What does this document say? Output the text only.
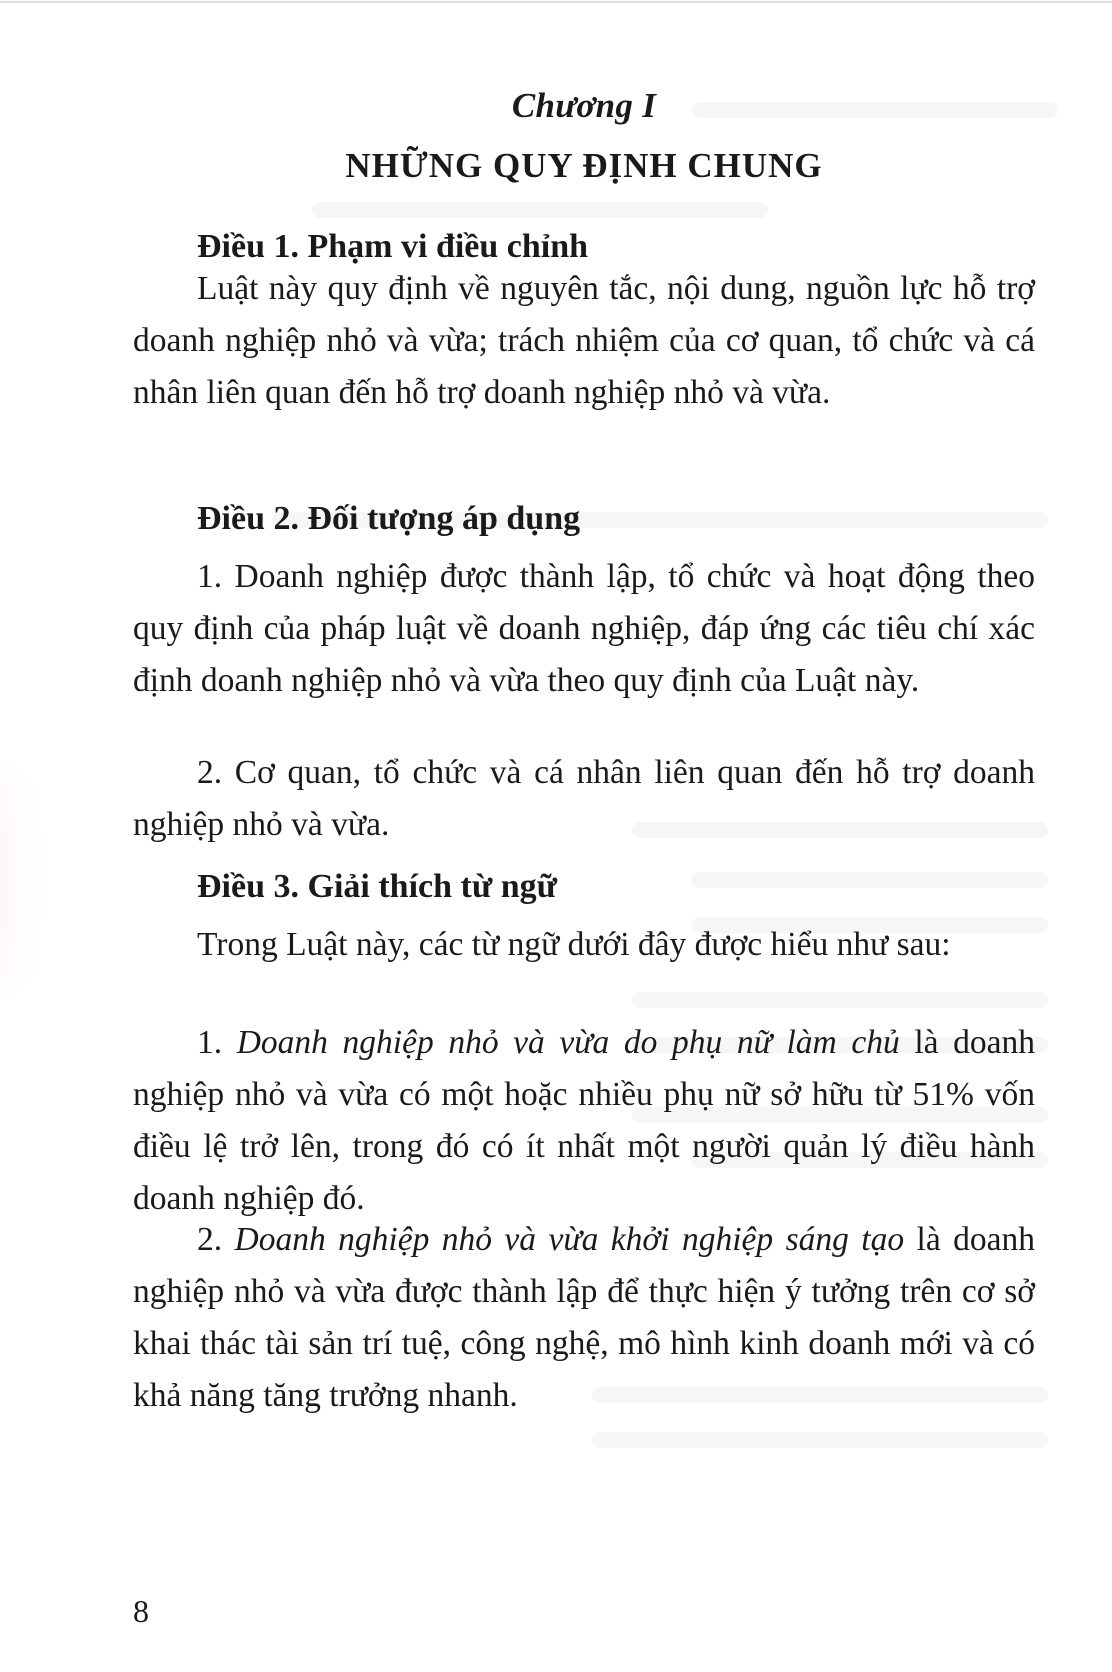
Chương I
NHỮNG QUY ĐỊNH CHUNG
Điều 1. Phạm vi điều chỉnh

Luật này quy định về nguyên tắc, nội dung, nguồn lực hỗ trợ doanh nghiệp nhỏ và vừa; trách nhiệm của cơ quan, tổ chức và cá nhân liên quan đến hỗ trợ doanh nghiệp nhỏ và vừa.

Điều 2. Đối tượng áp dụng

1. Doanh nghiệp được thành lập, tổ chức và hoạt động theo quy định của pháp luật về doanh nghiệp, đáp ứng các tiêu chí xác định doanh nghiệp nhỏ và vừa theo quy định của Luật này.

2. Cơ quan, tổ chức và cá nhân liên quan đến hỗ trợ doanh nghiệp nhỏ và vừa.

Điều 3. Giải thích từ ngữ

Trong Luật này, các từ ngữ dưới đây được hiểu như sau:

1. Doanh nghiệp nhỏ và vừa do phụ nữ làm chủ là doanh nghiệp nhỏ và vừa có một hoặc nhiều phụ nữ sở hữu từ 51% vốn điều lệ trở lên, trong đó có ít nhất một người quản lý điều hành doanh nghiệp đó.

2. Doanh nghiệp nhỏ và vừa khởi nghiệp sáng tạo là doanh nghiệp nhỏ và vừa được thành lập để thực hiện ý tưởng trên cơ sở khai thác tài sản trí tuệ, công nghệ, mô hình kinh doanh mới và có khả năng tăng trưởng nhanh.

8
